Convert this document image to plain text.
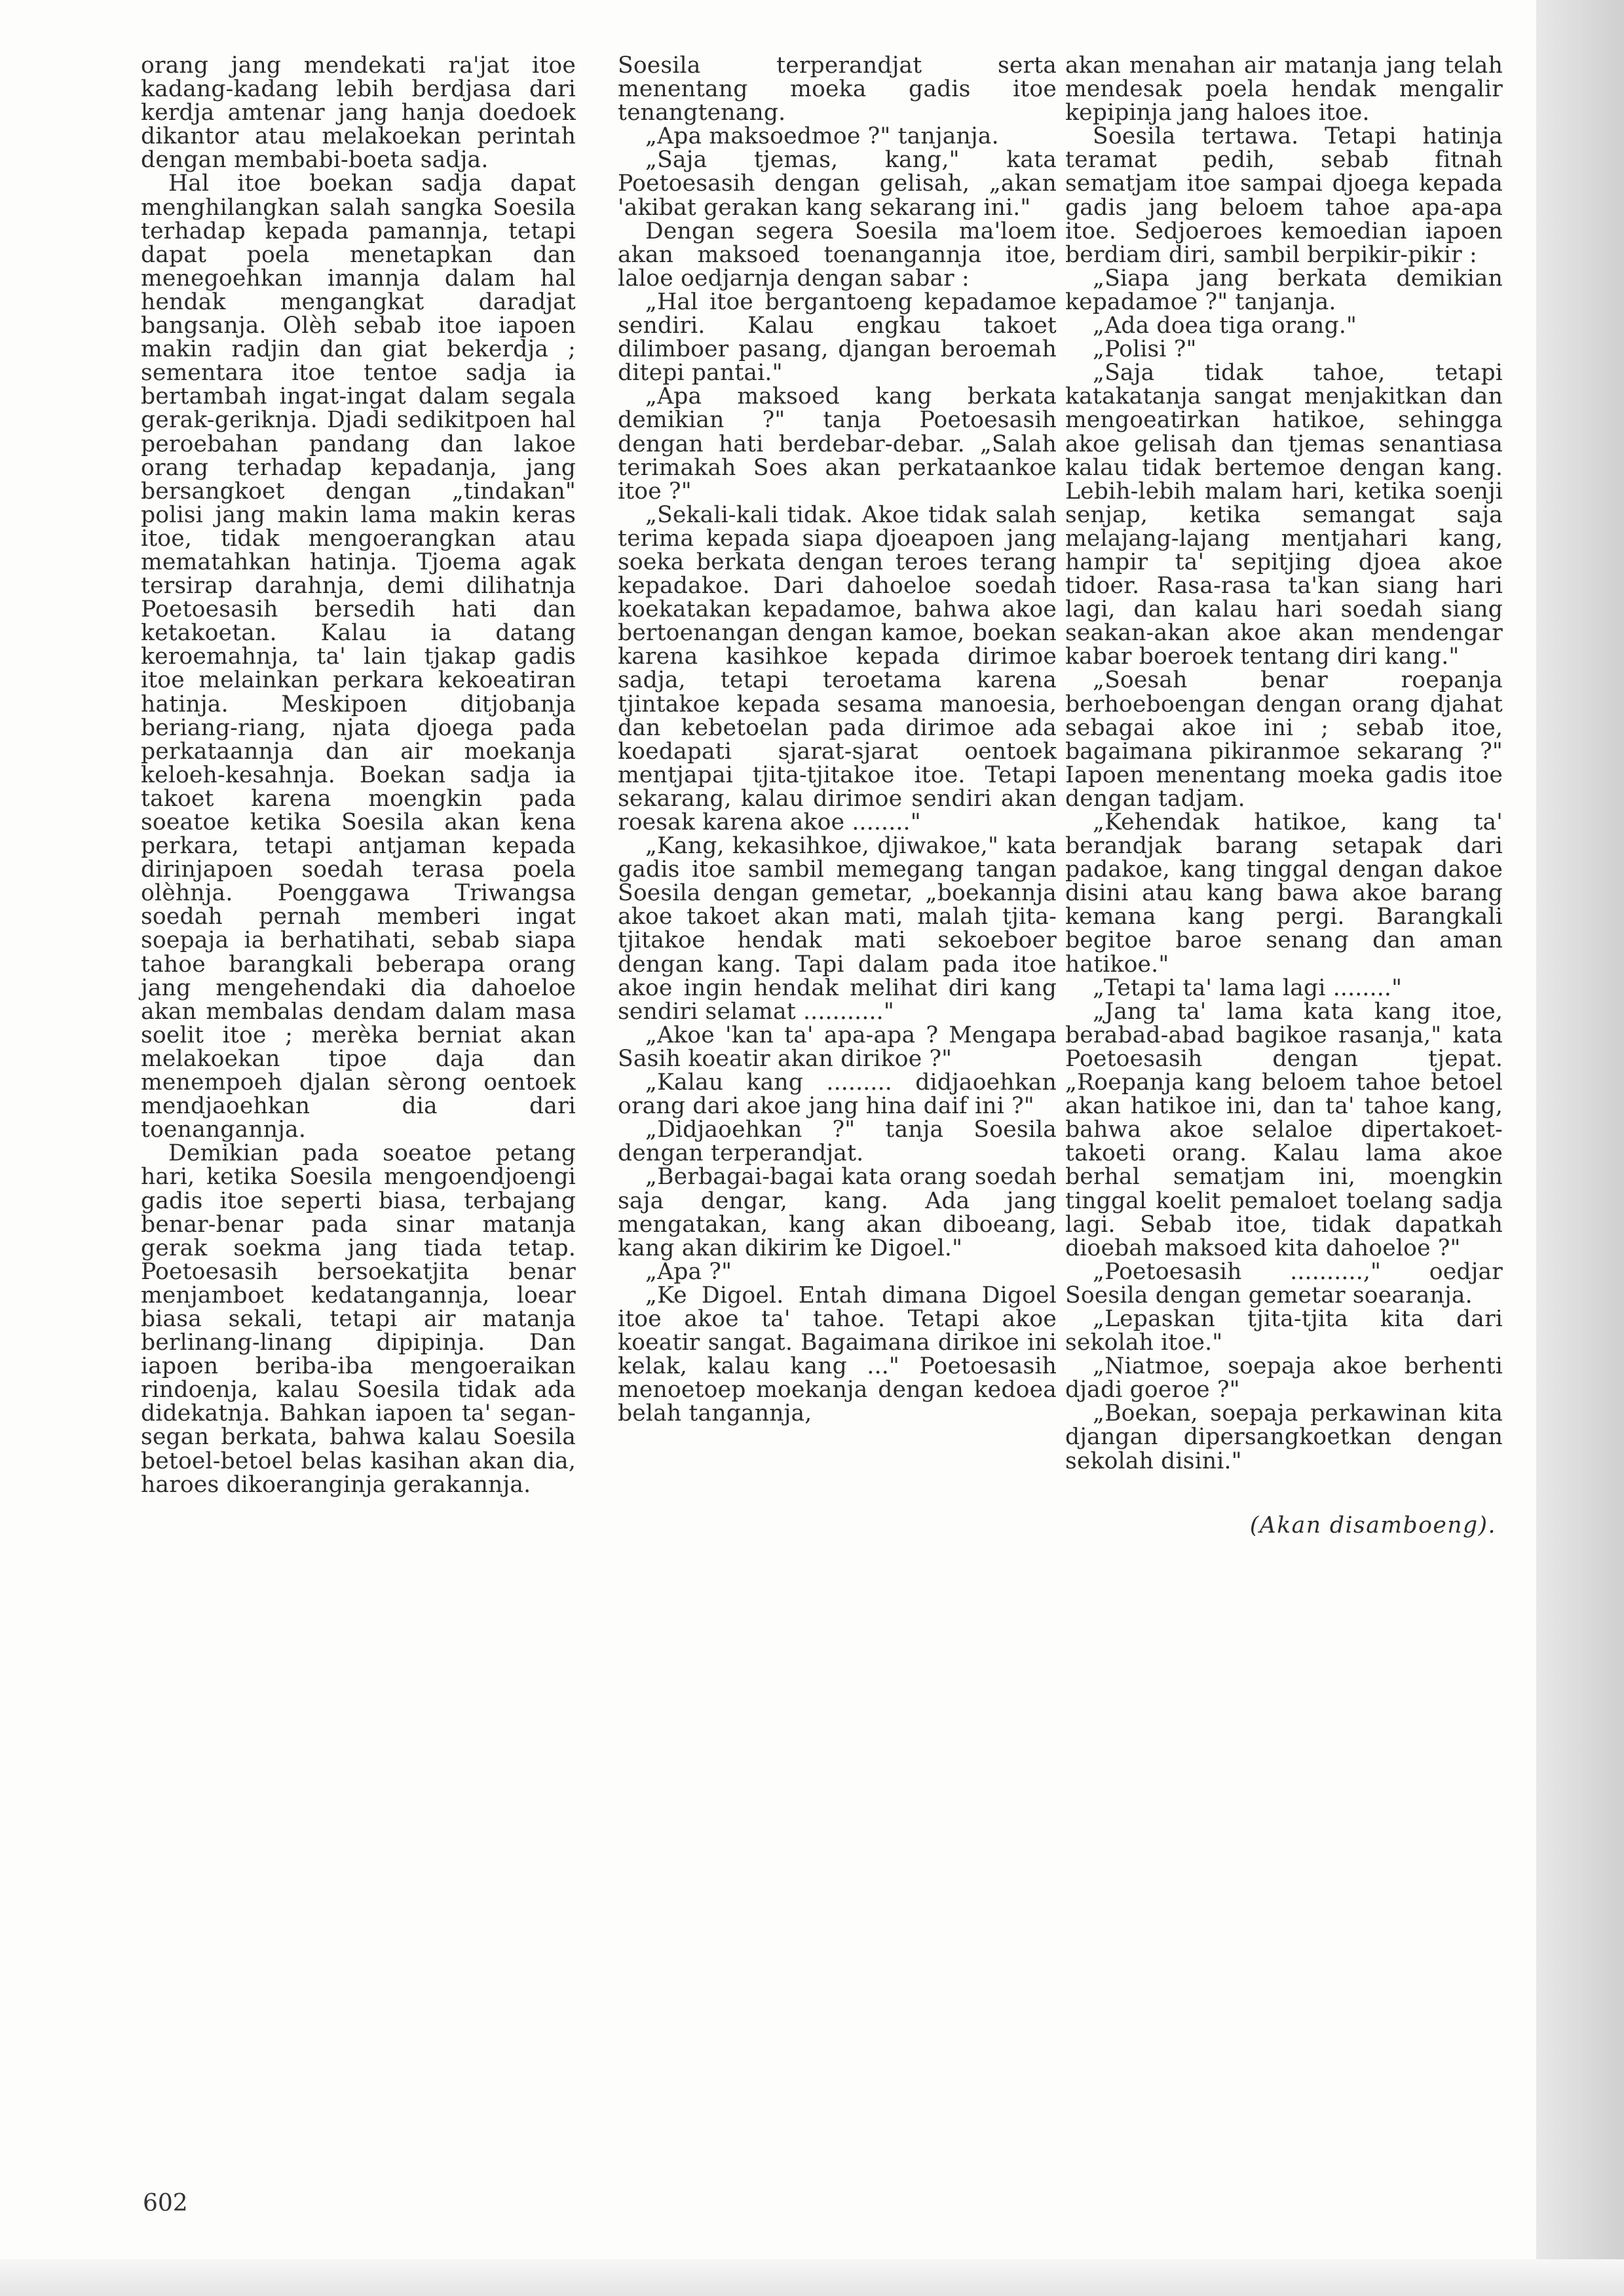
orang jang mendekati ra'jat itoe kadang-kadang lebih berdjasa dari kerdja amtenar jang hanja doedoek dikantor atau melakoekan perintah dengan membabi-boeta sadja.

Hal itoe boekan sadja dapat menghilangkan salah sangka Soesila terhadap kepada pamannja, tetapi dapat poela menetapkan dan menegoehkan imannja dalam hal hendak mengangkat daradjat bangsanja. Olèh sebab itoe iapoen makin radjin dan giat bekerdja ; sementara itoe tentoe sadja ia bertambah ingat-ingat dalam segala gerak-geriknja. Djadi sedikitpoen hal peroebahan pandang dan lakoe orang terhadap kepadanja, jang bersangkoet dengan „tindakan" polisi jang makin lama makin keras itoe, tidak mengoerangkan atau mematahkan hatinja. Tjoema agak tersirap darahnja, demi dilihatnja Poetoesasih bersedih hati dan ketakoetan. Kalau ia datang keroemahnja, ta' lain tjakap gadis itoe melainkan perkara kekoeatiran hatinja. Meskipoen ditjobanja beriang-riang, njata djoega pada perkataannja dan air moekanja keloeh-kesahnja. Boekan sadja ia takoet karena moengkin pada soeatoe ketika Soesila akan kena perkara, tetapi antjaman kepada dirinjapoen soedah terasa poela olèhnja. Poenggawa Triwangsa soedah pernah memberi ingat soepaja ia berhatihati, sebab siapa tahoe barangkali beberapa orang jang mengehendaki dia dahoeloe akan membalas dendam dalam masa soelit itoe ; merèka berniat akan melakoekan tipoe daja dan menempoeh djalan sèrong oentoek mendjaoehkan dia dari toenangannja.

Demikian pada soeatoe petang hari, ketika Soesila mengoendjoengi gadis itoe seperti biasa, terbajang benar-benar pada sinar matanja gerak soekma jang tiada tetap. Poetoesasih bersoekatjita benar menjamboet kedatangannja, loear biasa sekali, tetapi air matanja berlinang-linang dipipinja. Dan iapoen beriba-iba mengoeraikan rindoenja, kalau Soesila tidak ada didekatnja. Bahkan iapoen ta' segan-segan berkata, bahwa kalau Soesila betoel-betoel belas kasihan akan dia, haroes dikoeranginja gerakannja.

Soesila terperandjat serta menentang moeka gadis itoe tenangtenang.

„Apa maksoedmoe ?" tanjanja.

„Saja tjemas, kang," kata Poetoesasih dengan gelisah, „akan 'akibat gerakan kang sekarang ini."

Dengan segera Soesila ma'loem akan maksoed toenangannja itoe, laloe oedjarnja dengan sabar :

„Hal itoe bergantoeng kepadamoe sendiri. Kalau engkau takoet dilimboer pasang, djangan beroemah ditepi pantai."

„Apa maksoed kang berkata demikian ?" tanja Poetoesasih dengan hati berdebar-debar. „Salah terimakah Soes akan perkataankoe itoe ?"

„Sekali-kali tidak. Akoe tidak salah terima kepada siapa djoeapoen jang soeka berkata dengan teroes terang kepadakoe. Dari dahoeloe soedah koekatakan kepadamoe, bahwa akoe bertoenangan dengan kamoe, boekan karena kasihkoe kepada dirimoe sadja, tetapi teroetama karena tjintakoe kepada sesama manoesia, dan kebetoelan pada dirimoe ada koedapati sjarat-sjarat oentoek mentjapai tjita-tjitakoe itoe. Tetapi sekarang, kalau dirimoe sendiri akan roesak karena akoe ........"

„Kang, kekasihkoe, djiwakoe," kata gadis itoe sambil memegang tangan Soesila dengan gemetar, „boekannja akoe takoet akan mati, malah tjita-tjitakoe hendak mati sekoeboer dengan kang. Tapi dalam pada itoe akoe ingin hendak melihat diri kang sendiri selamat ..........."

„Akoe 'kan ta' apa-apa ? Mengapa Sasih koeatir akan dirikoe ?"

„Kalau kang ......... didjaoehkan orang dari akoe jang hina daif ini ?"

„Didjaoehkan ?" tanja Soesila dengan terperandjat.

„Berbagai-bagai kata orang soedah saja dengar, kang. Ada jang mengatakan, kang akan diboeang, kang akan dikirim ke Digoel."

„Apa ?"

„Ke Digoel. Entah dimana Digoel itoe akoe ta' tahoe. Tetapi akoe koeatir sangat. Bagaimana dirikoe ini kelak, kalau kang ..." Poetoesasih menoetoep moekanja dengan kedoea belah tangannja,

akan menahan air matanja jang telah mendesak poela hendak mengalir kepipinja jang haloes itoe.

Soesila tertawa. Tetapi hatinja teramat pedih, sebab fitnah sematjam itoe sampai djoega kepada gadis jang beloem tahoe apa-apa itoe. Sedjoeroes kemoedian iapoen berdiam diri, sambil berpikir-pikir :

„Siapa jang berkata demikian kepadamoe ?" tanjanja.

„Ada doea tiga orang."

„Polisi ?"

„Saja tidak tahoe, tetapi katakatanja sangat menjakitkan dan mengoeatirkan hatikoe, sehingga akoe gelisah dan tjemas senantiasa kalau tidak bertemoe dengan kang. Lebih-lebih malam hari, ketika soenji senjap, ketika semangat saja melajang-lajang mentjahari kang, hampir ta' sepitjing djoea akoe tidoer. Rasa-rasa ta'kan siang hari lagi, dan kalau hari soedah siang seakan-akan akoe akan mendengar kabar boeroek tentang diri kang."

„Soesah benar roepanja berhoeboengan dengan orang djahat sebagai akoe ini ; sebab itoe, bagaimana pikiranmoe sekarang ?" Iapoen menentang moeka gadis itoe dengan tadjam.

„Kehendak hatikoe, kang ta' berandjak barang setapak dari padakoe, kang tinggal dengan dakoe disini atau kang bawa akoe barang kemana kang pergi. Barangkali begitoe baroe senang dan aman hatikoe."

„Tetapi ta' lama lagi ........"

„Jang ta' lama kata kang itoe, berabad-abad bagikoe rasanja," kata Poetoesasih dengan tjepat. „Roepanja kang beloem tahoe betoel akan hatikoe ini, dan ta' tahoe kang, bahwa akoe selaloe dipertakoet-takoeti orang. Kalau lama akoe berhal sematjam ini, moengkin tinggal koelit pemaloet toelang sadja lagi. Sebab itoe, tidak dapatkah dioebah maksoed kita dahoeloe ?"

„Poetoesasih ..........," oedjar Soesila dengan gemetar soearanja.

„Lepaskan tjita-tjita kita dari sekolah itoe."

„Niatmoe, soepaja akoe berhenti djadi goeroe ?"

„Boekan, soepaja perkawinan kita djangan dipersangkoetkan dengan sekolah disini."

(Akan disamboeng).

602
